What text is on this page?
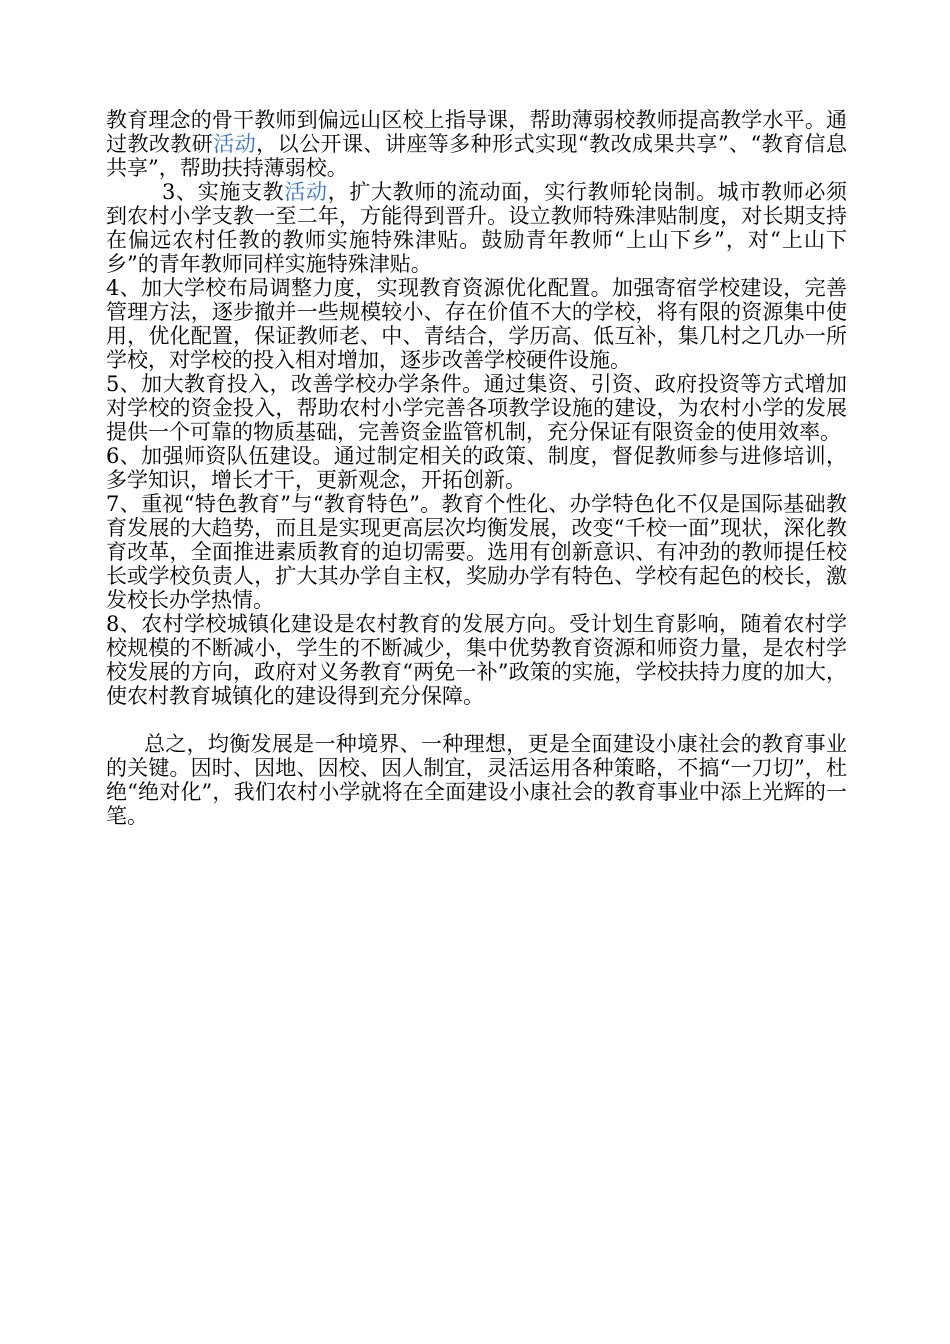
教育理念的骨干教师到偏远山区校上指导课，帮助薄弱校教师提高教学水平。通过教改教研活动，以公开课、讲座等多种形式实现“教改成果共享”、“教育信息共享”，帮助扶持薄弱校。

3、实施支教活动，扩大教师的流动面，实行教师轮岗制。城市教师必须到农村小学支教一至二年，方能得到晋升。设立教师特殊津贴制度，对长期支持在偏远农村任教的教师实施特殊津贴。鼓励青年教师“上山下乡”，对“上山下乡”的青年教师同样实施特殊津贴。

4、加大学校布局调整力度，实现教育资源优化配置。加强寄宿学校建设，完善管理方法，逐步撤并一些规模较小、存在价值不大的学校，将有限的资源集中使用，优化配置，保证教师老、中、青结合，学历高、低互补，集几村之几办一所学校，对学校的投入相对增加，逐步改善学校硬件设施。

5、加大教育投入，改善学校办学条件。通过集资、引资、政府投资等方式增加对学校的资金投入，帮助农村小学完善各项教学设施的建设，为农村小学的发展提供一个可靠的物质基础，完善资金监管机制，充分保证有限资金的使用效率。

6、加强师资队伍建设。通过制定相关的政策、制度，督促教师参与进修培训，多学知识，增长才干，更新观念，开拓创新。

7、重视“特色教育”与“教育特色”。教育个性化、办学特色化不仅是国际基础教育发展的大趋势，而且是实现更高层次均衡发展，改变“千校一面”现状，深化教育改革，全面推进素质教育的迫切需要。选用有创新意识、有冲劲的教师提任校长或学校负责人，扩大其办学自主权，奖励办学有特色、学校有起色的校长，激发校长办学热情。

8、农村学校城镇化建设是农村教育的发展方向。受计划生育影响，随着农村学校规模的不断减小，学生的不断减少，集中优势教育资源和师资力量，是农村学校发展的方向，政府对义务教育“两免一补”政策的实施，学校扶持力度的加大，使农村教育城镇化的建设得到充分保障。

总之，均衡发展是一种境界、一种理想，更是全面建设小康社会的教育事业的关键。因时、因地、因校、因人制宜，灵活运用各种策略，不搞“一刀切”，杜绝“绝对化”，我们农村小学就将在全面建设小康社会的教育事业中添上光辉的一笔。
